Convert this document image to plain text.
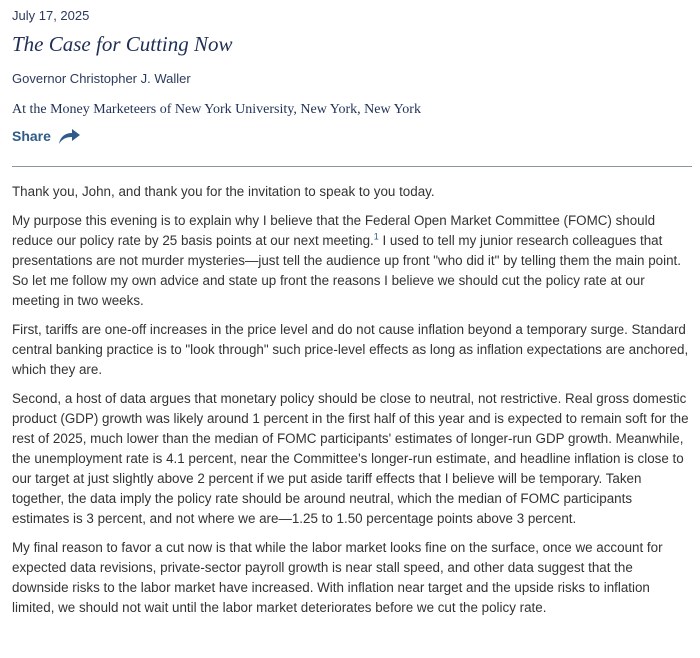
July 17, 2025
The Case for Cutting Now
Governor Christopher J. Waller
At the Money Marketeers of New York University, New York, New York
Share

Thank you, John, and thank you for the invitation to speak to you today.

My purpose this evening is to explain why I believe that the Federal Open Market Committee (FOMC) should reduce our policy rate by 25 basis points at our next meeting.$^1$ I used to tell my junior research colleagues that presentations are not murder mysteries—just tell the audience up front "who did it" by telling them the main point. So let me follow my own advice and state up front the reasons I believe we should cut the policy rate at our meeting in two weeks.

First, tariffs are one-off increases in the price level and do not cause inflation beyond a temporary surge. Standard central banking practice is to "look through" such price-level effects as long as inflation expectations are anchored, which they are.

Second, a host of data argues that monetary policy should be close to neutral, not restrictive. Real gross domestic product (GDP) growth was likely around 1 percent in the first half of this year and is expected to remain soft for the rest of 2025, much lower than the median of FOMC participants' estimates of longer-run GDP growth. Meanwhile, the unemployment rate is 4.1 percent, near the Committee's longer-run estimate, and headline inflation is close to our target at just slightly above 2 percent if we put aside tariff effects that I believe will be temporary. Taken together, the data imply the policy rate should be around neutral, which the median of FOMC participants estimates is 3 percent, and not where we are—1.25 to 1.50 percentage points above 3 percent.

My final reason to favor a cut now is that while the labor market looks fine on the surface, once we account for expected data revisions, private-sector payroll growth is near stall speed, and other data suggest that the downside risks to the labor market have increased. With inflation near target and the upside risks to inflation limited, we should not wait until the labor market deteriorates before we cut the policy rate.
